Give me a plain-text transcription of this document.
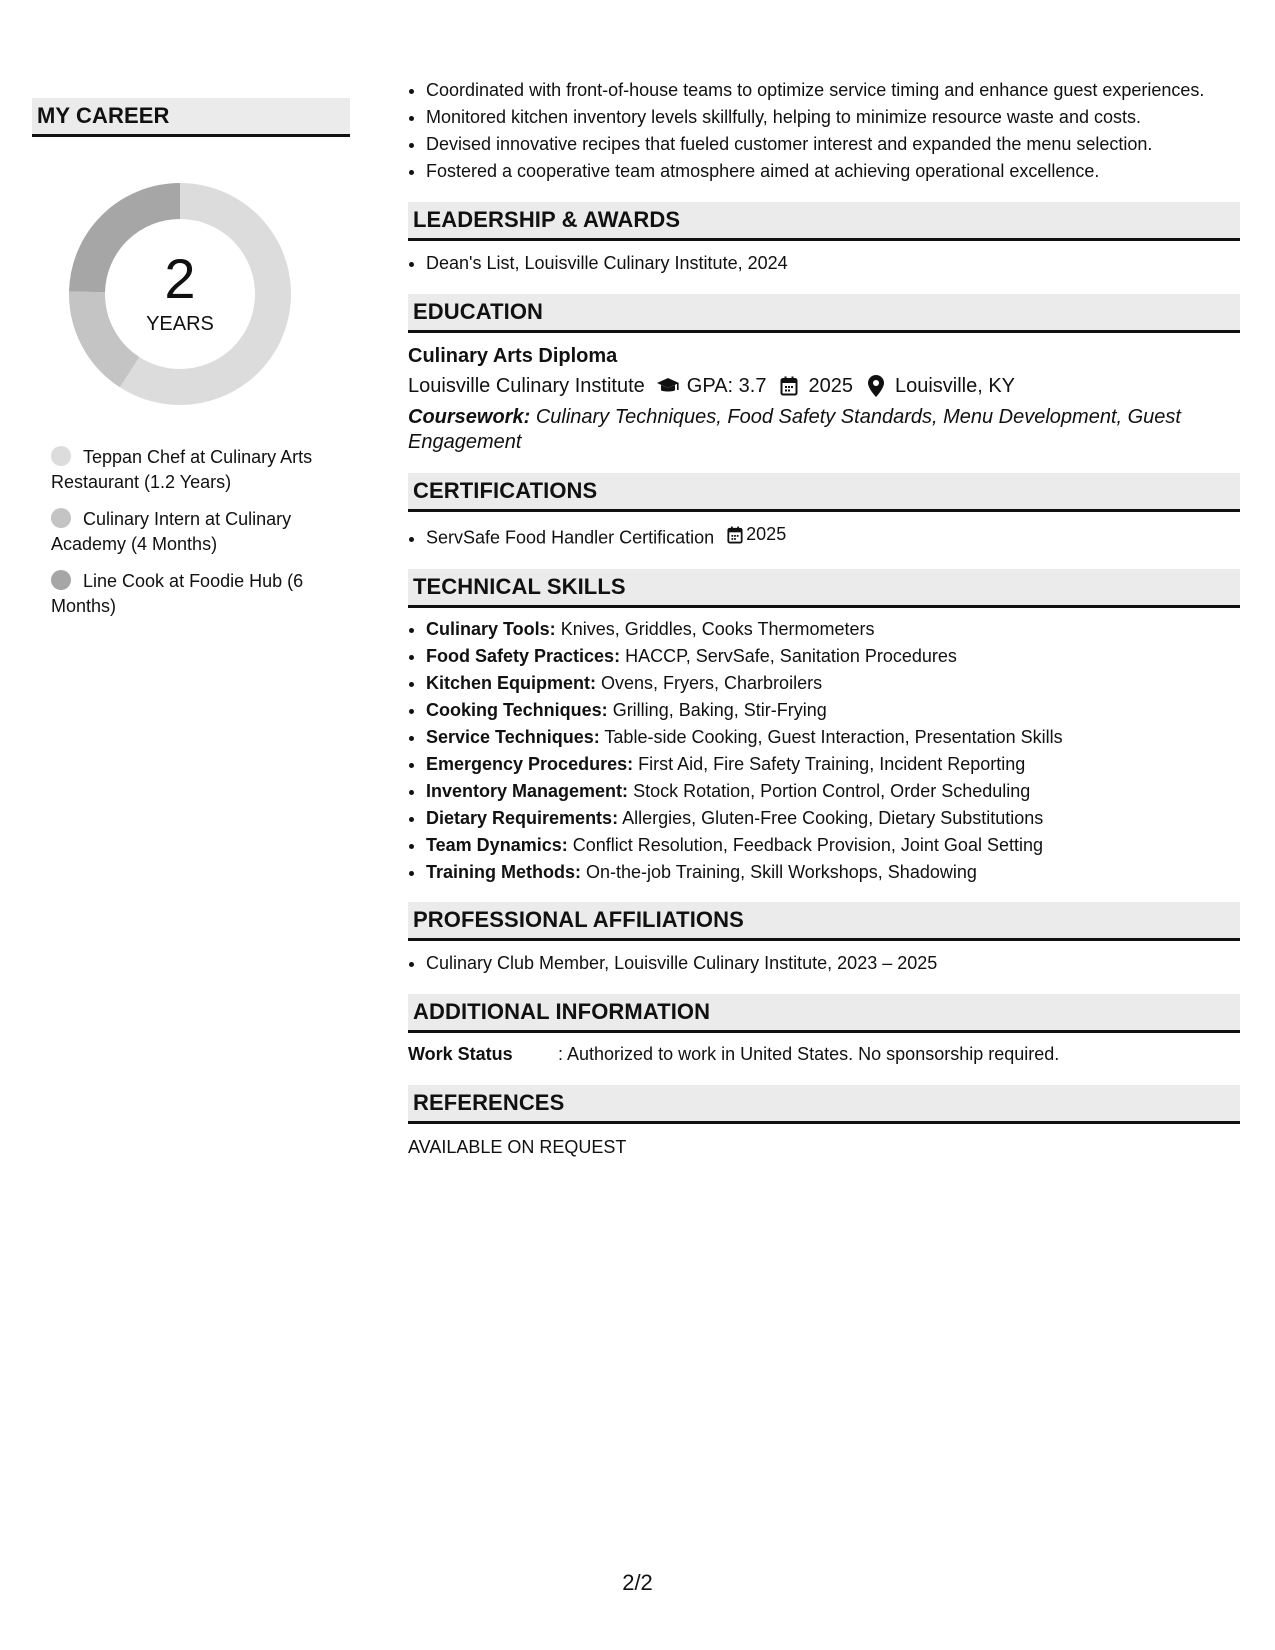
MY CAREER
2
YEARS
Teppan Chef at Culinary Arts Restaurant (1.2 Years)
Culinary Intern at Culinary Academy (4 Months)
Line Cook at Foodie Hub (6 Months)
• Coordinated with front-of-house teams to optimize service timing and enhance guest experiences.
• Monitored kitchen inventory levels skillfully, helping to minimize resource waste and costs.
• Devised innovative recipes that fueled customer interest and expanded the menu selection.
• Fostered a cooperative team atmosphere aimed at achieving operational excellence.
LEADERSHIP & AWARDS
• Dean's List, Louisville Culinary Institute, 2024
EDUCATION
Culinary Arts Diploma
Louisville Culinary Institute GPA: 3.7 2025 Louisville, KY
Coursework: Culinary Techniques, Food Safety Standards, Menu Development, Guest Engagement
CERTIFICATIONS
• ServSafe Food Handler Certification 2025
TECHNICAL SKILLS
• Culinary Tools: Knives, Griddles, Cooks Thermometers
• Food Safety Practices: HACCP, ServSafe, Sanitation Procedures
• Kitchen Equipment: Ovens, Fryers, Charbroilers
• Cooking Techniques: Grilling, Baking, Stir-Frying
• Service Techniques: Table-side Cooking, Guest Interaction, Presentation Skills
• Emergency Procedures: First Aid, Fire Safety Training, Incident Reporting
• Inventory Management: Stock Rotation, Portion Control, Order Scheduling
• Dietary Requirements: Allergies, Gluten-Free Cooking, Dietary Substitutions
• Team Dynamics: Conflict Resolution, Feedback Provision, Joint Goal Setting
• Training Methods: On-the-job Training, Skill Workshops, Shadowing
PROFESSIONAL AFFILIATIONS
• Culinary Club Member, Louisville Culinary Institute, 2023 – 2025
ADDITIONAL INFORMATION
Work Status	: Authorized to work in United States. No sponsorship required.
REFERENCES
AVAILABLE ON REQUEST
2/2
